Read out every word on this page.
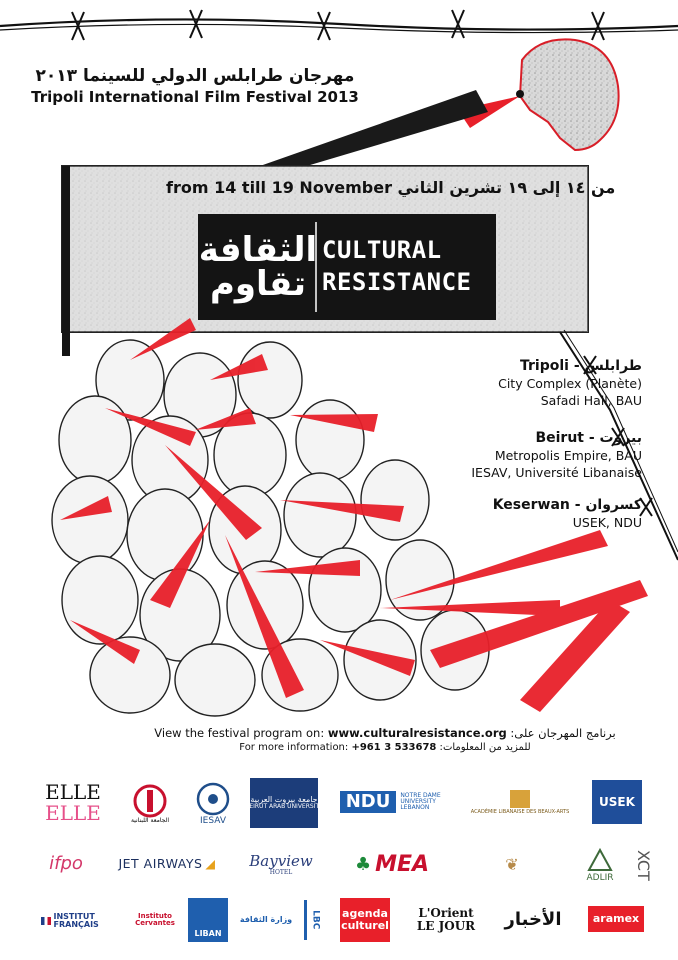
مهرجان طرابلس الدولي للسينما ٢٠١٣
Tripoli International Film Festival 2013
from 14 till 19 November من ١٤ إلى ١٩ تشرين الثاني
الثقافة
تقاوم
CULTURAL
RESISTANCE
Tripoli - طرابلس
City Complex (Planète)
Safadi Hall, BAU
Beirut - بيروت
Metropolis Empire, BAU
IESAV, Université Libanaise
Keserwan - كسروان
USEK, NDU
View the festival program on: www.culturalresistance.org :برنامج المهرجان على
For more information: +961 3 533678 :للمزيد من المعلومات
ELLE
ELLE	الجامعة اللبنانية	IESAV
جامعة بيروت العربية
BEIRUT ARAB UNIVERSITY	NDU	NOTRE DAME UNIVERSITY LEBANON
ACADÉMIE LIBANAISE DES BEAUX-ARTS
USEK
ifpo	JET AIRWAYS ◢ Bayview
HOTEL	♣ MEA	❦
ADLIR XCT
INSTITUT FRANÇAIS
Instituto Cervantes
LIBAN
وزارة الثقافة LBC agenda culturel
L'Orient LE JOUR	الأخبار	aramex
